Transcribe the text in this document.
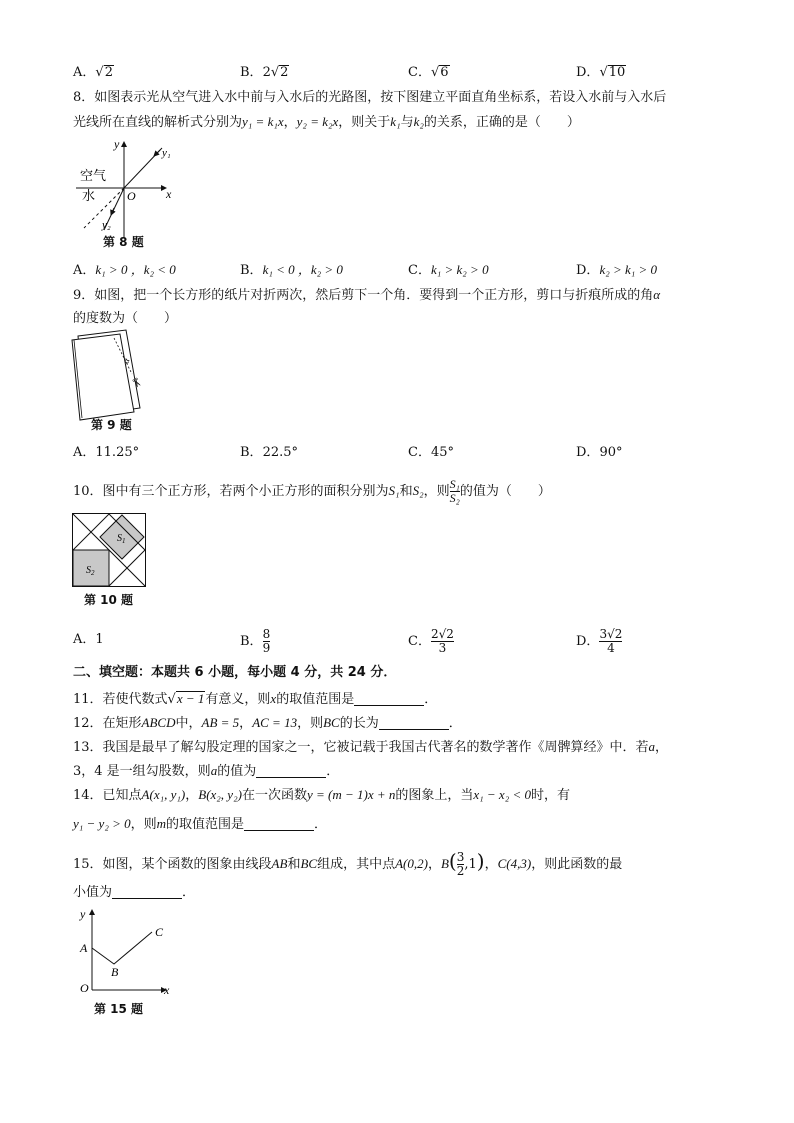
A．√2	B．2√2	C．√6	D．√10
8．如图表示光从空气进入水中前与入水后的光路图，按下图建立平面直角坐标系，若设入水前与入水后
光线所在直线的解析式分别为y₁ = k₁x，y₂ = k₂x，则关于k₁与k₂的关系，正确的是（　　）
空气
水
y
x
O
y₁
y₂
第 8 题
A．k₁ > 0 ，k₂ < 0	B．k₁ < 0 ，k₂ > 0	C．k₁ > k₂ > 0	D．k₂ > k₁ > 0
9．如图，把一个长方形的纸片对折两次，然后剪下一个角．要得到一个正方形，剪口与折痕所成的角α
的度数为（　　）
α
✂
第 9 题
A．11.25°	B．22.5°	C．45°	D．90°
10．图中有三个正方形，若两个小正方形的面积分别为S₁和S₂，则 $\frac{\text{S₁}}{\text{S₂}}$ 的值为（　　）
$S_1$
$S_2$
第 10 题
A．1	B． $\frac{8}{9}$	C． $\frac{2√2}{3}$	D． $\frac{3√2}{4}$
二、填空题：本题共 6 小题，每小题 4 分，共 24 分．
11．若使代数式√x − 1有意义，则x的取值范围是	．
12．在矩形ABCD中，AB = 5，AC = 13，则BC的长为	．
13．我国是最早了解勾股定理的国家之一，它被记载于我国古代著名的数学著作《周髀算经》中．若a，
3，4 是一组勾股数，则a的值为	．
14．已知点A(x₁, y₁)，B(x₂, y₂)在一次函数y = (m − 1)x + n的图象上，当x₁ − x₂ < 0时，有
y₁ − y₂ > 0，则m的取值范围是	．
15．如图，某个函数的图象由线段AB和BC组成，其中点A(0,2)，$B( \frac{3}{2} ,1)$，C(4,3)，则此函数的最
小值为	．
y
x
O
A
B
C
第 15 题
